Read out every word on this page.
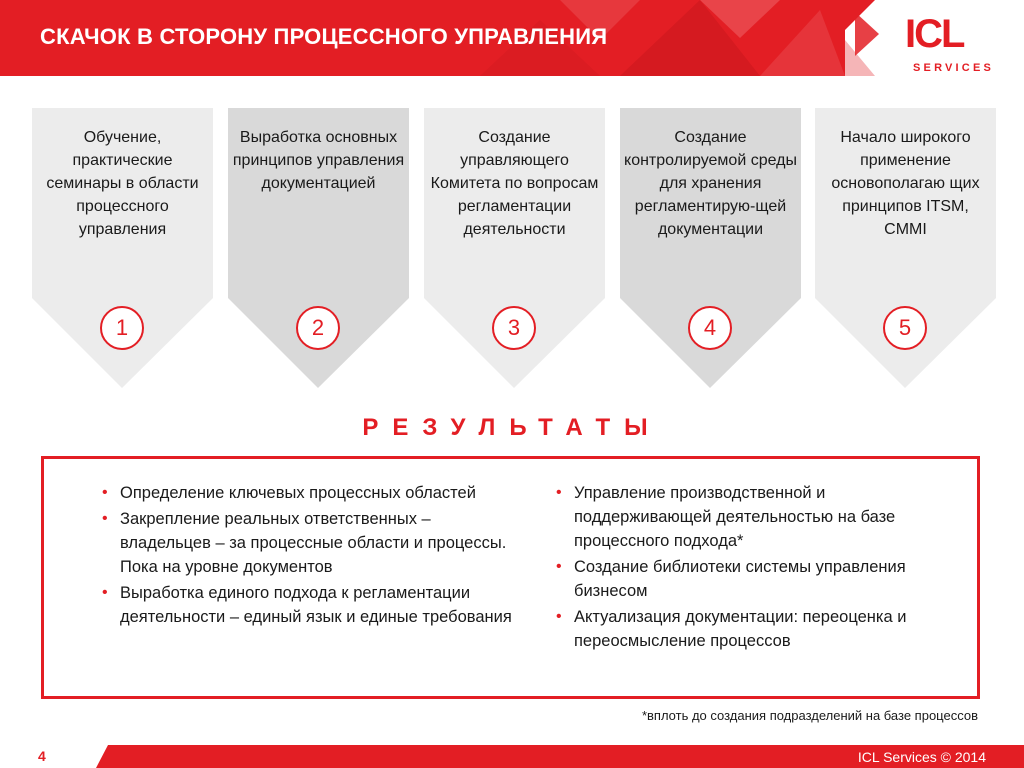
СКАЧОК В СТОРОНУ ПРОЦЕССНОГО УПРАВЛЕНИЯ	ICL
SERVICES
Обучение, практические семинары в области процессного управления
1
Выработка основных принципов управления документацией
2
Создание управляющего Комитета по вопросам регламентации деятельности
3
Создание контролируемой среды для хранения регламентирую-щей документации
4
Начало широкого применение основополагаю щих принципов ITSM, CMMI
5
РЕЗУЛЬТАТЫ
• Определение ключевых процессных областей
• Закрепление реальных ответственных – владельцев – за процессные области и процессы. Пока на уровне документов
• Выработка единого подхода к регламентации деятельности – единый язык и единые требования
• Управление производственной и поддерживающей деятельностью на базе процессного подхода*
• Создание библиотеки системы управления бизнесом
• Актуализация документации: переоценка и переосмысление процессов
*вплоть до создания подразделений на базе процессов
4	ICL Services © 2014
